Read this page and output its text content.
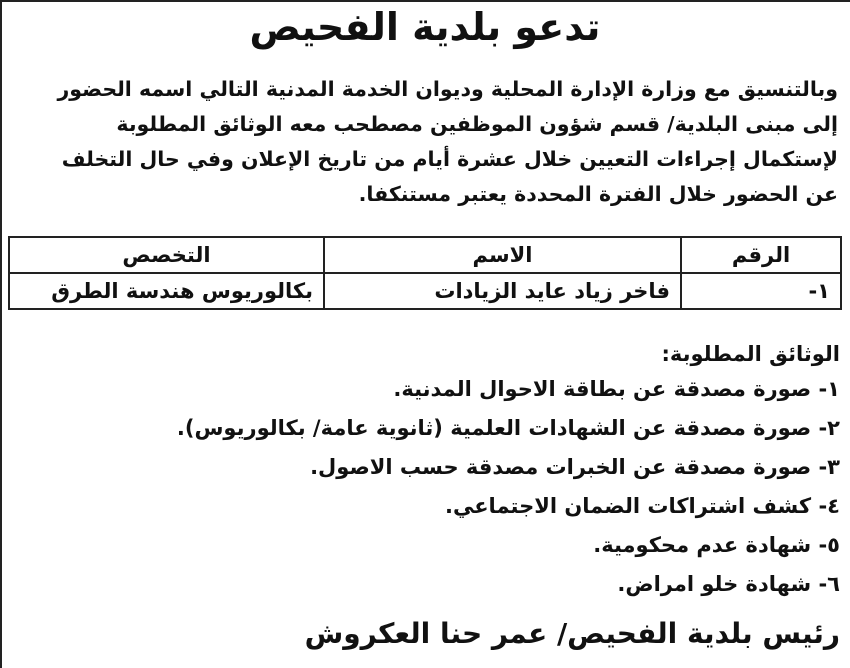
تدعو بلدية الفحيص
وبالتنسيق مع وزارة الإدارة المحلية وديوان الخدمة المدنية التالي اسمه الحضور
إلى مبنى البلدية/ قسم شؤون الموظفين مصطحب معه الوثائق المطلوبة
لإستكمال إجراءات التعيين خلال عشرة أيام من تاريخ الإعلان وفي حال التخلف
عن الحضور خلال الفترة المحددة يعتبر مستنكفا.
الرقم	الاسم	التخصص
١-	فاخر زياد عايد الزيادات	بكالوريوس هندسة الطرق
الوثائق المطلوبة:
١- صورة مصدقة عن بطاقة الاحوال المدنية.
٢- صورة مصدقة عن الشهادات العلمية (ثانوية عامة/ بكالوريوس).
٣- صورة مصدقة عن الخبرات مصدقة حسب الاصول.
٤- كشف اشتراكات الضمان الاجتماعي.
٥- شهادة عدم محكومية.
٦- شهادة خلو امراض.
رئيس بلدية الفحيص/ عمر حنا العكروش
